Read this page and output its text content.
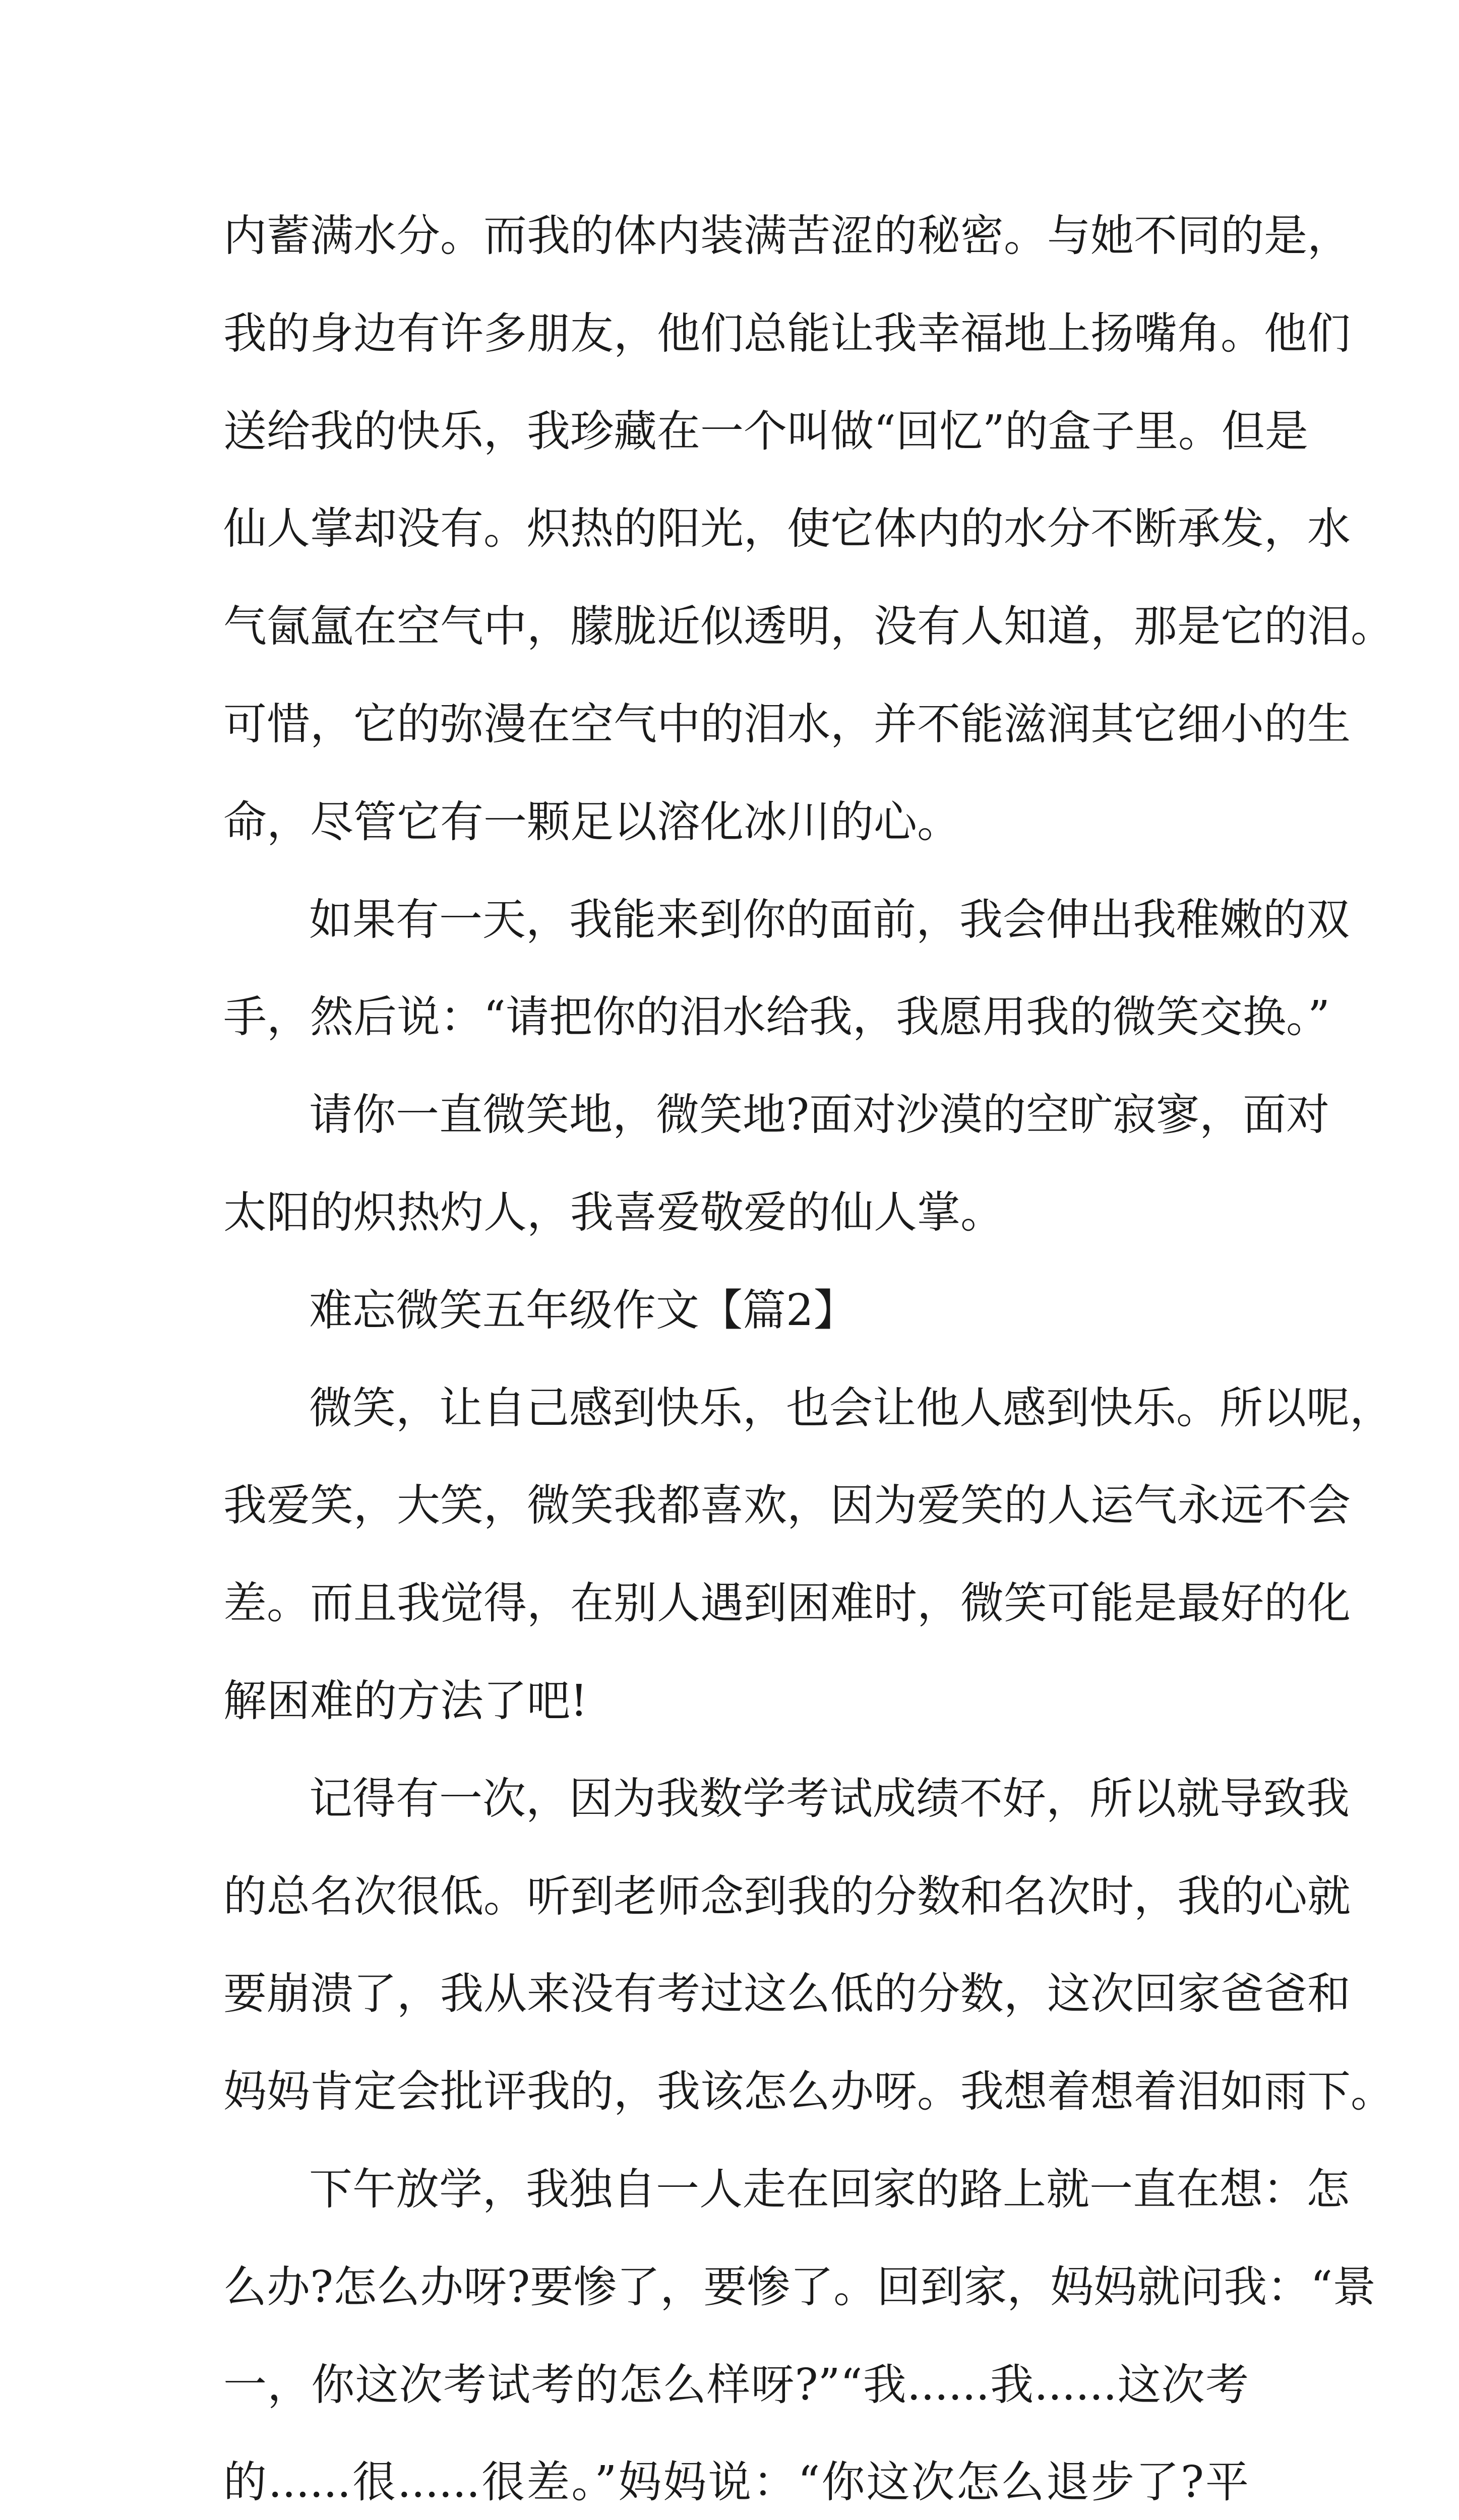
内蓄满水分。而我的体内装满苦涩的秘密。与她不同的是，
我的身边有许多朋友，他们总能让我幸福地上扬嘴角。他们
送给我的快乐，我珍藏在一个叫做“回忆”的盒子里。但是
仙人掌却没有。炽热的阳光，使它体内的水分不断承发，水
气氤氲在空气中，朦胧近似透明，没有人知道，那是它的泪。
可惜，它的弥漫在空气中的泪水，并不能滋润其它细小的生
命，尽管它有一颗足以溶化冰川的心。
如果有一天，我能来到你的面前，我会伸出我稚嫩的双
手，然后说：“请把你的泪水给我，我愿用我的微笑交换。”
请你一直微笑地，微笑地?面对沙漠的空旷寂寥，面对
太阳的炽热灼人，我喜爱敬爱的仙人掌。
难忘微笑五年级作文【篇2】
微笑，让自己感到快乐，也会让他人感到快乐。所以呢，
我爱笑，大笑，微笑我都喜欢，因为爱笑的人运气永远不会
差。而且我觉得，在别人遇到困难时，微笑可能是最好的化
解困难的方法了吧!
记得有一次，因为我数学考试成绩不好，所以就导致我
的总名次很低。听到老师念到我的分数和名次时，我的心就
要崩溃了，我从来没有考过这么低的分数，这次回家爸爸和
妈妈肯定会批评我的，我该怎么办呀。我想着想着泪如雨下。
下午放学，我独自一人走在回家的路上就一直在想：怎
么办?怎么办呀?要惨了，要惨了。回到家，妈妈就问我：“景
一，你这次考试考的怎么样呀?”“我......我......这次考
的......很......很差。”妈妈说：“你这次怎么退步了?平
